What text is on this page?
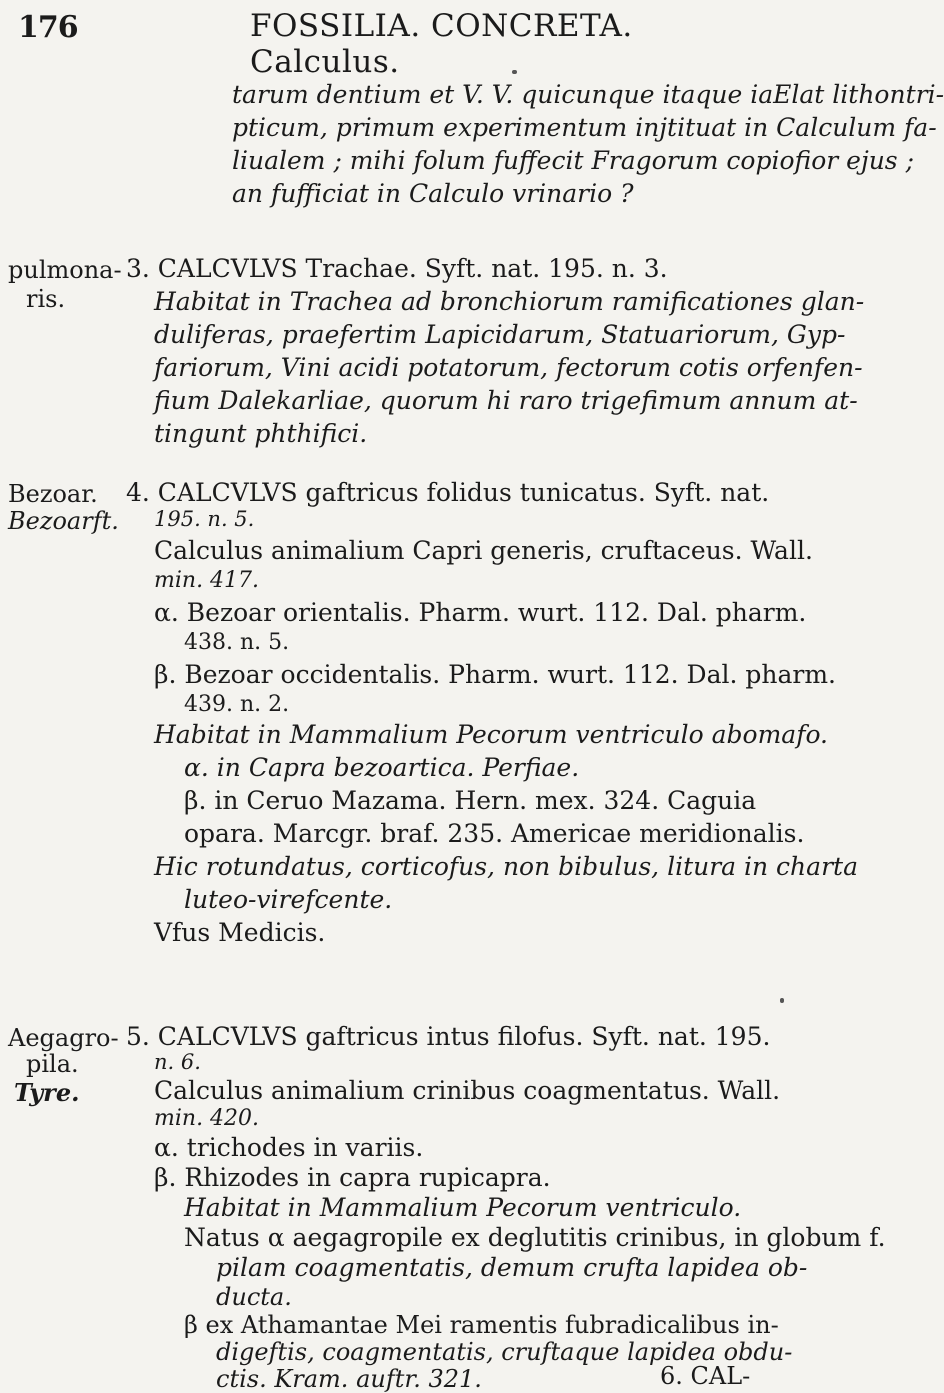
176	FOSSILIA. CONCRETA. Calculus.
tarum dentium et V. V. quicunque itaque iaElat lithontri-
pticum, primum experimentum injtituat in Calculum fa-
liualem ; mihi folum fuffecit Fragorum copiofior ejus ;
an fufficiat in Calculo vrinario ?
pulmona-
ris.
3. CALCVLVS Trachae. Syft. nat. 195. n. 3.
Habitat in Trachea ad bronchiorum ramificationes glan-
duliferas, praefertim Lapicidarum, Statuariorum, Gyp-
fariorum, Vini acidi potatorum, fectorum cotis orfenfen-
fium Dalekarliae, quorum hi raro trigefimum annum at-
tingunt phthifici.
Bezoar.
Bezoarft.
4. CALCVLVS gaftricus folidus tunicatus. Syft. nat.
195. n. 5.
Calculus animalium Capri generis, cruftaceus. Wall.
min. 417.
α. Bezoar orientalis. Pharm. wurt. 112. Dal. pharm.
438. n. 5.
β. Bezoar occidentalis. Pharm. wurt. 112. Dal. pharm.
439. n. 2.
Habitat in Mammalium Pecorum ventriculo abomafo.
α. in Capra bezoartica. Perfiae.
β. in Ceruo Mazama. Hern. mex. 324. Caguia
opara. Marcgr. braf. 235. Americae meridionalis.
Hic rotundatus, corticofus, non bibulus, litura in charta
luteo-virefcente.
Vfus Medicis.
Aegagro-
pila.
Tyre.
5. CALCVLVS gaftricus intus filofus. Syft. nat. 195.
n. 6.
Calculus animalium crinibus coagmentatus. Wall.
min. 420.
α. trichodes in variis.
β. Rhizodes in capra rupicapra.
Habitat in Mammalium Pecorum ventriculo.
Natus α aegagropile ex deglutitis crinibus, in globum f.
pilam coagmentatis, demum crufta lapidea ob-
ducta.
β ex Athamantae Mei ramentis fubradicalibus in-
digeftis, coagmentatis, cruftaque lapidea obdu-
ctis. Kram. auftr. 321.	6. CAL-
